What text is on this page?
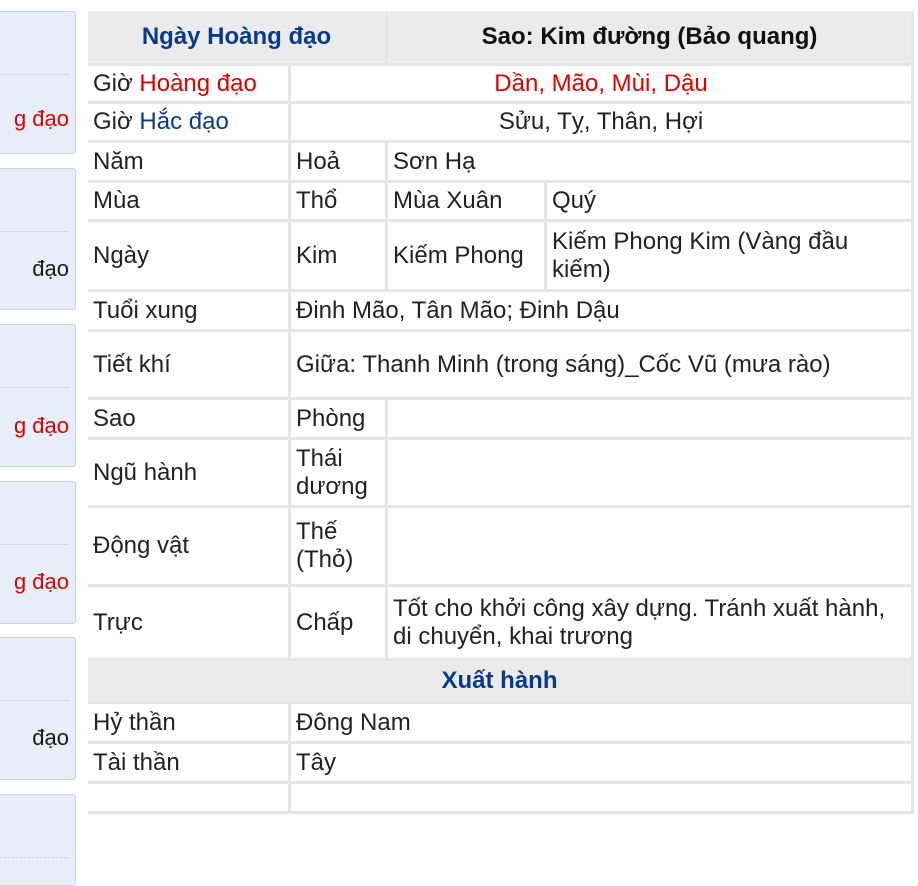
g đạo
đạo
g đạo
g đạo
đạo
Ngày Hoàng đạo		Sao: Kim đường (Bảo quang)	
Giờ Hoàng đạo	Dần, Mão, Mùi, Dậu		
Giờ Hắc đạo	Sửu, Tỵ, Thân, Hợi		
Năm	Hoả	Sơn Hạ	
Mùa	Thổ	Mùa Xuân	Quý
Ngày	Kim	Kiếm Phong	Kiếm Phong Kim (Vàng đầu kiếm)
Tuổi xung	Đinh Mão, Tân Mão; Đinh Dậu		
Tiết khí	Giữa: Thanh Minh (trong sáng)_Cốc Vũ (mưa rào)		
Sao	Phòng		
Ngũ hành	Thái dương		
Động vật	Thế (Thỏ)		
Trực	Chấp	Tốt cho khởi công xây dựng. Tránh xuất hành, di chuyển, khai trương	
Xuất hành			
Hỷ thần	Đông Nam		
Tài thần	Tây		
